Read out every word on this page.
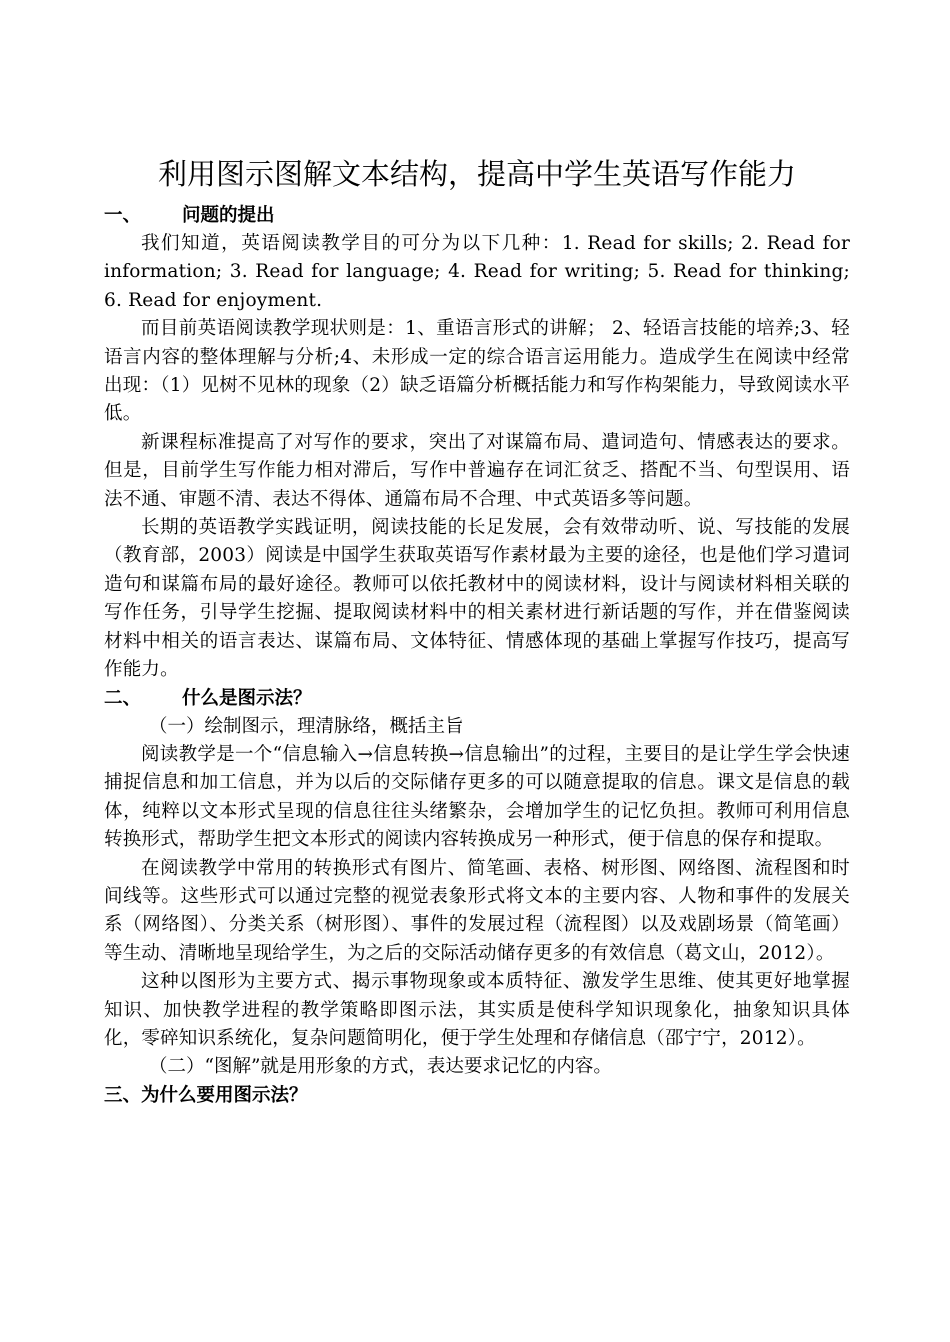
利用图示图解文本结构，提高中学生英语写作能力
一、 问题的提出

我们知道，英语阅读教学目的可分为以下几种：1. Read for skills; 2. Read for information; 3. Read for language; 4. Read for writing; 5. Read for thinking; 6. Read for enjoyment.

而目前英语阅读教学现状则是：1、重语言形式的讲解； 2、轻语言技能的培养;3、轻语言内容的整体理解与分析;4、未形成一定的综合语言运用能力。造成学生在阅读中经常出现：（1）见树不见林的现象（2）缺乏语篇分析概括能力和写作构架能力，导致阅读水平低。

新课程标准提高了对写作的要求，突出了对谋篇布局、遣词造句、情感表达的要求。但是，目前学生写作能力相对滞后，写作中普遍存在词汇贫乏、搭配不当、句型误用、语法不通、审题不清、表达不得体、通篇布局不合理、中式英语多等问题。

长期的英语教学实践证明，阅读技能的长足发展，会有效带动听、说、写技能的发展（教育部，2003）阅读是中国学生获取英语写作素材最为主要的途径，也是他们学习遣词造句和谋篇布局的最好途径。教师可以依托教材中的阅读材料，设计与阅读材料相关联的写作任务，引导学生挖掘、提取阅读材料中的相关素材进行新话题的写作，并在借鉴阅读材料中相关的语言表达、谋篇布局、文体特征、情感体现的基础上掌握写作技巧，提高写作能力。

二、 什么是图示法？

（一）绘制图示，理清脉络，概括主旨

阅读教学是一个“信息输入→信息转换→信息输出”的过程，主要目的是让学生学会快速捕捉信息和加工信息，并为以后的交际储存更多的可以随意提取的信息。课文是信息的载体，纯粹以文本形式呈现的信息往往头绪繁杂，会增加学生的记忆负担。教师可利用信息转换形式，帮助学生把文本形式的阅读内容转换成另一种形式，便于信息的保存和提取。

在阅读教学中常用的转换形式有图片、简笔画、表格、树形图、网络图、流程图和时间线等。这些形式可以通过完整的视觉表象形式将文本的主要内容、人物和事件的发展关系（网络图）、分类关系（树形图）、事件的发展过程（流程图）以及戏剧场景（简笔画）等生动、清晰地呈现给学生，为之后的交际活动储存更多的有效信息（葛文山，2012）。

这种以图形为主要方式、揭示事物现象或本质特征、激发学生思维、使其更好地掌握知识、加快教学进程的教学策略即图示法，其实质是使科学知识现象化，抽象知识具体化，零碎知识系统化，复杂问题简明化，便于学生处理和存储信息（邵宁宁，2012）。

（二）“图解”就是用形象的方式，表达要求记忆的内容。

三、为什么要用图示法？
